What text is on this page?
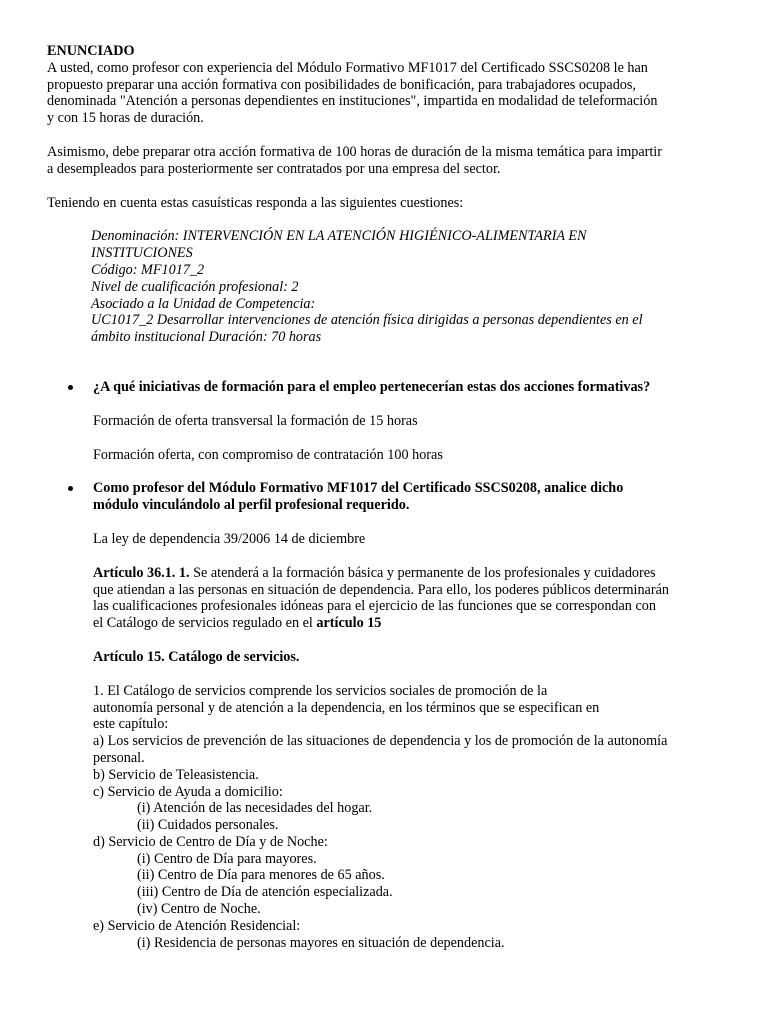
ENUNCIADO

A usted, como profesor con experiencia del Módulo Formativo MF1017 del Certificado SSCS0208 le han

propuesto preparar una acción formativa con posibilidades de bonificación, para trabajadores ocupados,

denominada "Atención a personas dependientes en instituciones", impartida en modalidad de teleformación

y con 15 horas de duración.

Asimismo, debe preparar otra acción formativa de 100 horas de duración de la misma temática para impartir

a desempleados para posteriormente ser contratados por una empresa del sector.

Teniendo en cuenta estas casuísticas responda a las siguientes cuestiones:

Denominación: INTERVENCIÓN EN LA ATENCIÓN HIGIÉNICO-ALIMENTARIA EN

INSTITUCIONES

Código: MF1017_2

Nivel de cualificación profesional: 2

Asociado a la Unidad de Competencia:

UC1017_2 Desarrollar intervenciones de atención física dirigidas a personas dependientes en el

ámbito institucional Duración: 70 horas

¿A qué iniciativas de formación para el empleo pertenecerían estas dos acciones formativas?

Formación de oferta transversal la formación de 15 horas

Formación oferta, con compromiso de contratación 100 horas

Como profesor del Módulo Formativo MF1017 del Certificado SSCS0208, analice dicho

módulo vinculándolo al perfil profesional requerido.

La ley de dependencia 39/2006 14 de diciembre

Artículo 36.1. 1. Se atenderá a la formación básica y permanente de los profesionales y cuidadores

que atiendan a las personas en situación de dependencia. Para ello, los poderes públicos determinarán

las cualificaciones profesionales idóneas para el ejercicio de las funciones que se correspondan con

el Catálogo de servicios regulado en el artículo 15

Artículo 15. Catálogo de servicios.

1. El Catálogo de servicios comprende los servicios sociales de promoción de la

autonomía personal y de atención a la dependencia, en los términos que se especifican en

este capítulo:

a) Los servicios de prevención de las situaciones de dependencia y los de promoción de la autonomía

personal.

b) Servicio de Teleasistencia.

c) Servicio de Ayuda a domicilio:

(i) Atención de las necesidades del hogar.

(ii) Cuidados personales.

d) Servicio de Centro de Día y de Noche:

(i) Centro de Día para mayores.

(ii) Centro de Día para menores de 65 años.

(iii) Centro de Día de atención especializada.

(iv) Centro de Noche.

e) Servicio de Atención Residencial:

(i) Residencia de personas mayores en situación de dependencia.
